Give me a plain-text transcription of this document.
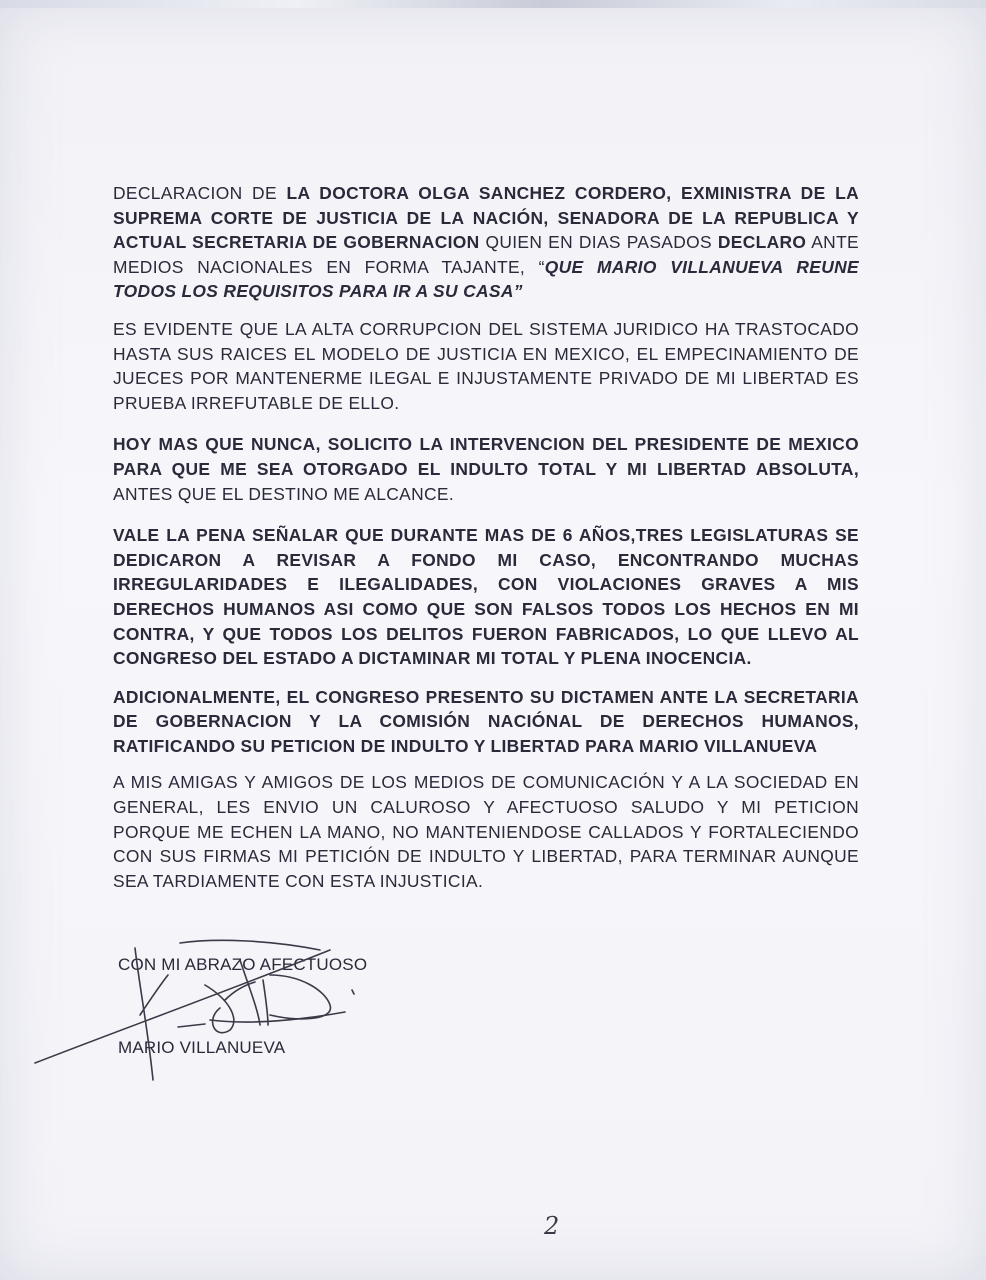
DECLARACION DE LA DOCTORA OLGA SANCHEZ CORDERO, EXMINISTRA DE LA SUPREMA CORTE DE JUSTICIA DE LA NACIÓN, SENADORA DE LA REPUBLICA Y ACTUAL SECRETARIA DE GOBERNACION QUIEN EN DIAS PASADOS DECLARO ANTE MEDIOS NACIONALES EN FORMA TAJANTE, “QUE MARIO VILLANUEVA REUNE TODOS LOS REQUISITOS PARA IR A SU CASA”

ES EVIDENTE QUE LA ALTA CORRUPCION DEL SISTEMA JURIDICO HA TRASTOCADO HASTA SUS RAICES EL MODELO DE JUSTICIA EN MEXICO, EL EMPECINAMIENTO DE JUECES POR MANTENERME ILEGAL E INJUSTAMENTE PRIVADO DE MI LIBERTAD ES PRUEBA IRREFUTABLE DE ELLO.

HOY MAS QUE NUNCA, SOLICITO LA INTERVENCION DEL PRESIDENTE DE MEXICO PARA QUE ME SEA OTORGADO EL INDULTO TOTAL Y MI LIBERTAD ABSOLUTA, ANTES QUE EL DESTINO ME ALCANCE.

VALE LA PENA SEÑALAR QUE DURANTE MAS DE 6 AÑOS,TRES LEGISLATURAS SE DEDICARON A REVISAR A FONDO MI CASO, ENCONTRANDO MUCHAS IRREGULARIDADES E ILEGALIDADES, CON VIOLACIONES GRAVES A MIS DERECHOS HUMANOS ASI COMO QUE SON FALSOS TODOS LOS HECHOS EN MI CONTRA, Y QUE TODOS LOS DELITOS FUERON FABRICADOS, LO QUE LLEVO AL CONGRESO DEL ESTADO A DICTAMINAR MI TOTAL Y PLENA INOCENCIA.

ADICIONALMENTE, EL CONGRESO PRESENTO SU DICTAMEN ANTE LA SECRETARIA DE GOBERNACION Y LA COMISIÓN NACIÓNAL DE DERECHOS HUMANOS, RATIFICANDO SU PETICION DE INDULTO Y LIBERTAD PARA MARIO VILLANUEVA

A MIS AMIGAS Y AMIGOS DE LOS MEDIOS DE COMUNICACIÓN Y A LA SOCIEDAD EN GENERAL, LES ENVIO UN CALUROSO Y AFECTUOSO SALUDO Y MI PETICION PORQUE ME ECHEN LA MANO, NO MANTENIENDOSE CALLADOS Y FORTALECIENDO CON SUS FIRMAS MI PETICIÓN DE INDULTO Y LIBERTAD, PARA TERMINAR AUNQUE SEA TARDIAMENTE CON ESTA INJUSTICIA.

CON MI ABRAZO AFECTUOSO
MARIO VILLANUEVA
2
